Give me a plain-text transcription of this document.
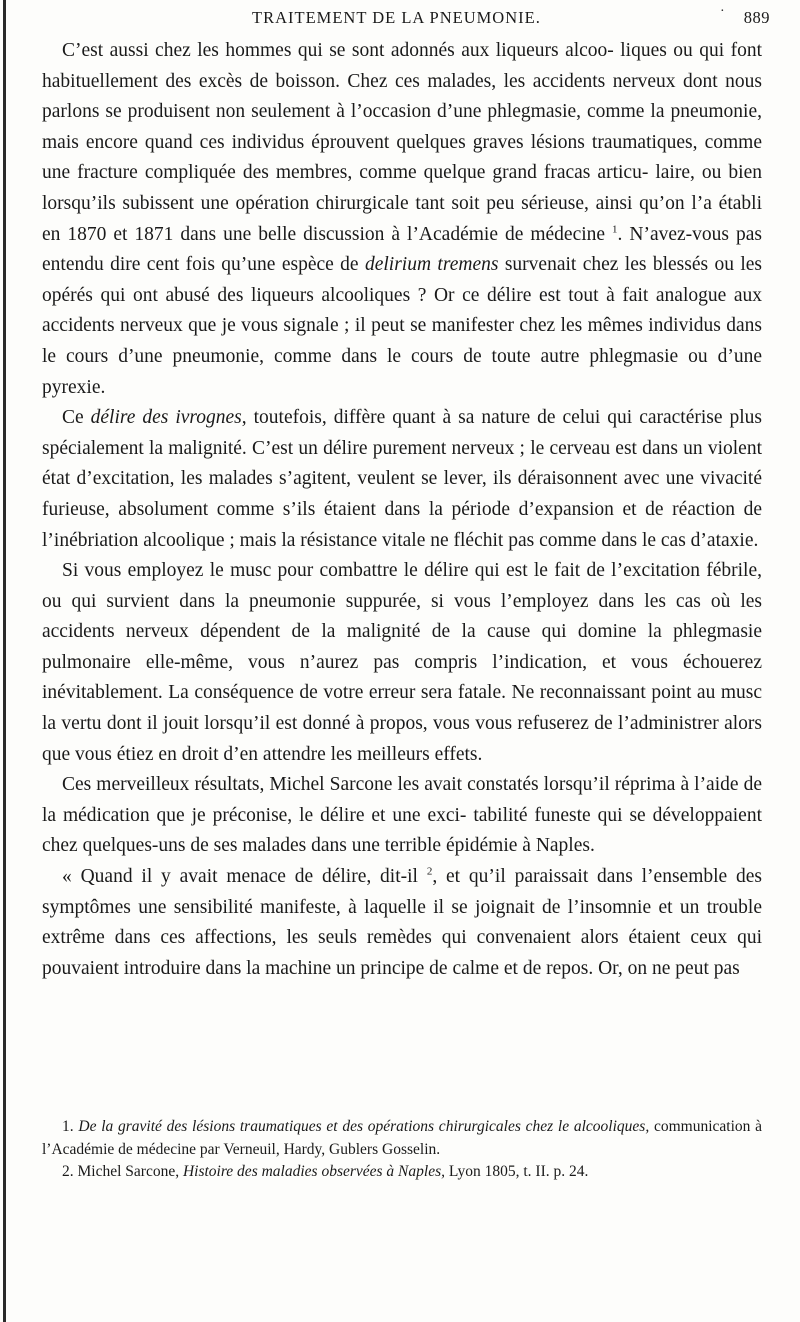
TRAITEMENT DE LA PNEUMONIE.	· 889

C’est aussi chez les hommes qui se sont adonnés aux liqueurs alcoo- liques ou qui font habituellement des excès de boisson. Chez ces malades, les accidents nerveux dont nous parlons se produisent non seulement à l’occasion d’une phlegmasie, comme la pneumonie, mais encore quand ces individus éprouvent quelques graves lésions traumatiques, comme une fracture compliquée des membres, comme quelque grand fracas articu- laire, ou bien lorsqu’ils subissent une opération chirurgicale tant soit peu sérieuse, ainsi qu’on l’a établi en 1870 et 1871 dans une belle discussion à l’Académie de médecine $^1$. N’avez-vous pas entendu dire cent fois qu’une espèce de delirium tremens survenait chez les blessés ou les opérés qui ont abusé des liqueurs alcooliques ? Or ce délire est tout à fait analogue aux accidents nerveux que je vous signale ; il peut se manifester chez les mêmes individus dans le cours d’une pneumonie, comme dans le cours de toute autre phlegmasie ou d’une pyrexie.

Ce délire des ivrognes, toutefois, diffère quant à sa nature de celui qui caractérise plus spécialement la malignité. C’est un délire purement nerveux ; le cerveau est dans un violent état d’excitation, les malades s’agitent, veulent se lever, ils déraisonnent avec une vivacité furieuse, absolument comme s’ils étaient dans la période d’expansion et de réaction de l’inébriation alcoolique ; mais la résistance vitale ne fléchit pas comme dans le cas d’ataxie.

Si vous employez le musc pour combattre le délire qui est le fait de l’excitation fébrile, ou qui survient dans la pneumonie suppurée, si vous l’employez dans les cas où les accidents nerveux dépendent de la malignité de la cause qui domine la phlegmasie pulmonaire elle-même, vous n’aurez pas compris l’indication, et vous échouerez inévitablement. La conséquence de votre erreur sera fatale. Ne reconnaissant point au musc la vertu dont il jouit lorsqu’il est donné à propos, vous vous refuserez de l’administrer alors que vous étiez en droit d’en attendre les meilleurs effets.

Ces merveilleux résultats, Michel Sarcone les avait constatés lorsqu’il réprima à l’aide de la médication que je préconise, le délire et une exci- tabilité funeste qui se développaient chez quelques-uns de ses malades dans une terrible épidémie à Naples.

« Quand il y avait menace de délire, dit-il $^2$, et qu’il paraissait dans l’ensemble des symptômes une sensibilité manifeste, à laquelle il se joignait de l’insomnie et un trouble extrême dans ces affections, les seuls remèdes qui convenaient alors étaient ceux qui pouvaient introduire dans la machine un principe de calme et de repos. Or, on ne peut pas

1. De la gravité des lésions traumatiques et des opérations chirurgicales chez le alcooliques, communication à l’Académie de médecine par Verneuil, Hardy, Gublers Gosselin.

2. Michel Sarcone, Histoire des maladies observées à Naples, Lyon 1805, t. II. p. 24.
